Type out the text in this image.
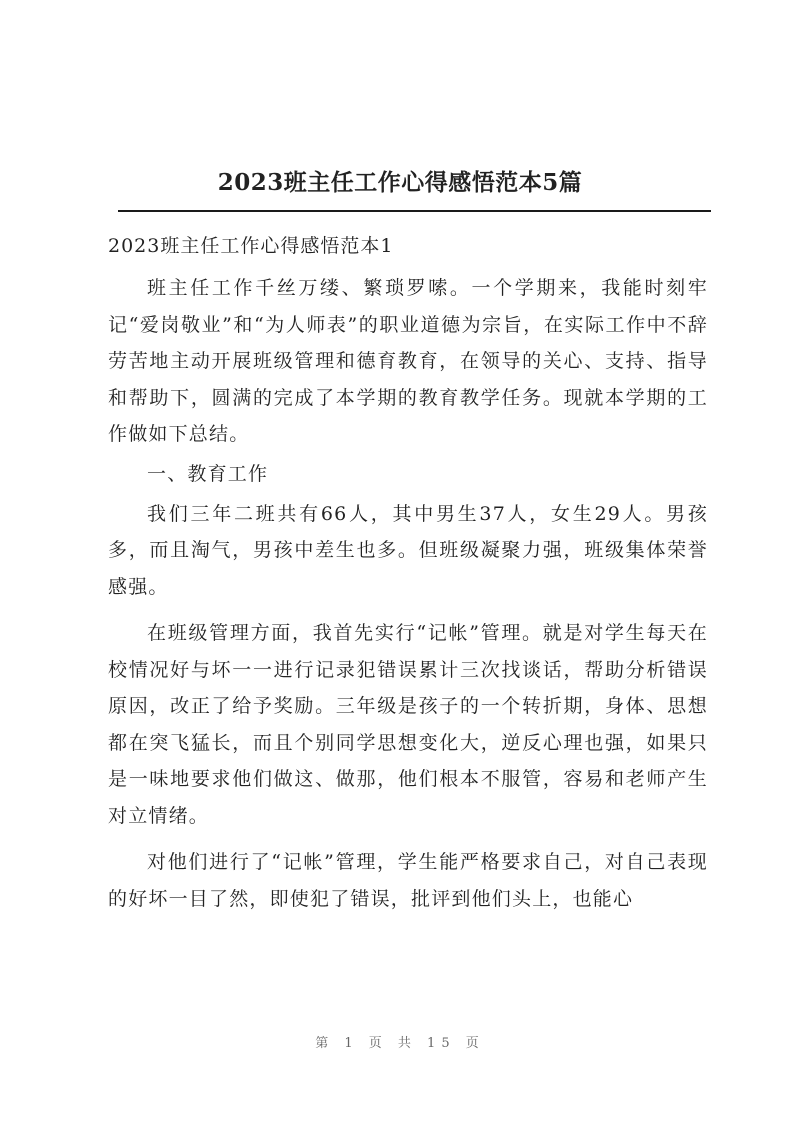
2023班主任工作心得感悟范本5篇

2023班主任工作心得感悟范本1

班主任工作千丝万缕、繁琐罗嗦。一个学期来，我能时刻牢记“爱岗敬业”和“为人师表”的职业道德为宗旨，在实际工作中不辞劳苦地主动开展班级管理和德育教育，在领导的关心、支持、指导和帮助下，圆满的完成了本学期的教育教学任务。现就本学期的工作做如下总结。

一、教育工作

我们三年二班共有66人，其中男生37人，女生29人。男孩多，而且淘气，男孩中差生也多。但班级凝聚力强，班级集体荣誉感强。

在班级管理方面，我首先实行“记帐”管理。就是对学生每天在校情况好与坏一一进行记录犯错误累计三次找谈话，帮助分析错误原因，改正了给予奖励。三年级是孩子的一个转折期，身体、思想都在突飞猛长，而且个别同学思想变化大，逆反心理也强，如果只是一味地要求他们做这、做那，他们根本不服管，容易和老师产生对立情绪。

对他们进行了“记帐”管理，学生能严格要求自己，对自己表现的好坏一目了然，即使犯了错误，批评到他们头上，也能心

第 1 页 共 15 页
